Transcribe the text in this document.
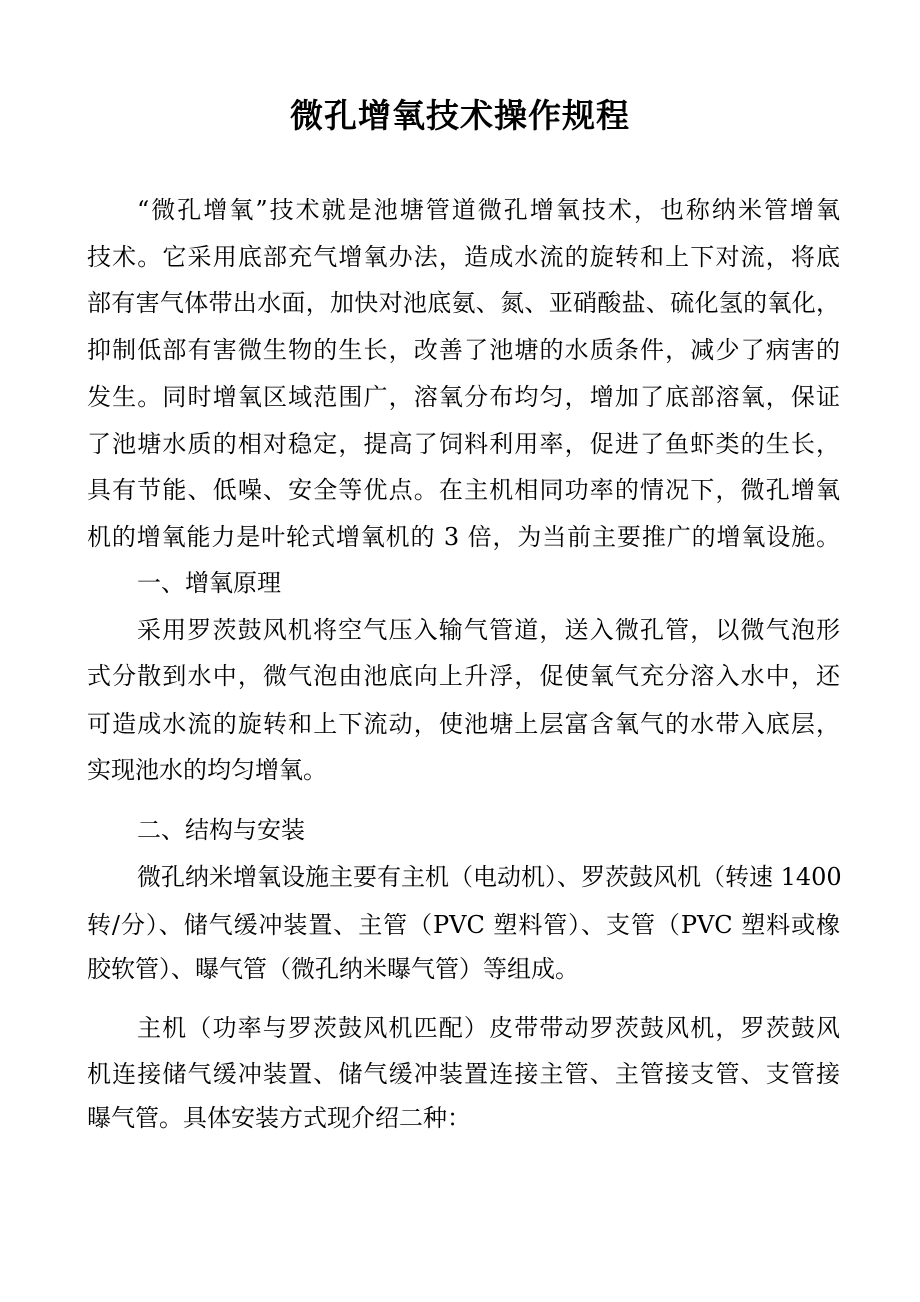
微孔增氧技术操作规程
“微孔增氧”技术就是池塘管道微孔增氧技术，也称纳米管增氧
技术。它采用底部充气增氧办法，造成水流的旋转和上下对流，将底
部有害气体带出水面，加快对池底氨、氮、亚硝酸盐、硫化氢的氧化，
抑制低部有害微生物的生长，改善了池塘的水质条件，减少了病害的
发生。同时增氧区域范围广，溶氧分布均匀，增加了底部溶氧，保证
了池塘水质的相对稳定，提高了饲料利用率，促进了鱼虾类的生长，
具有节能、低噪、安全等优点。在主机相同功率的情况下，微孔增氧
机的增氧能力是叶轮式增氧机的 3 倍，为当前主要推广的增氧设施。
一、增氧原理
采用罗茨鼓风机将空气压入输气管道，送入微孔管，以微气泡形
式分散到水中，微气泡由池底向上升浮，促使氧气充分溶入水中，还
可造成水流的旋转和上下流动，使池塘上层富含氧气的水带入底层，
实现池水的均匀增氧。
二、结构与安装
微孔纳米增氧设施主要有主机（电动机）、罗茨鼓风机（转速 1400
转/分）、储气缓冲装置、主管（PVC 塑料管）、支管（PVC 塑料或橡
胶软管）、曝气管（微孔纳米曝气管）等组成。
主机（功率与罗茨鼓风机匹配）皮带带动罗茨鼓风机，罗茨鼓风
机连接储气缓冲装置、储气缓冲装置连接主管、主管接支管、支管接
曝气管。具体安装方式现介绍二种：
